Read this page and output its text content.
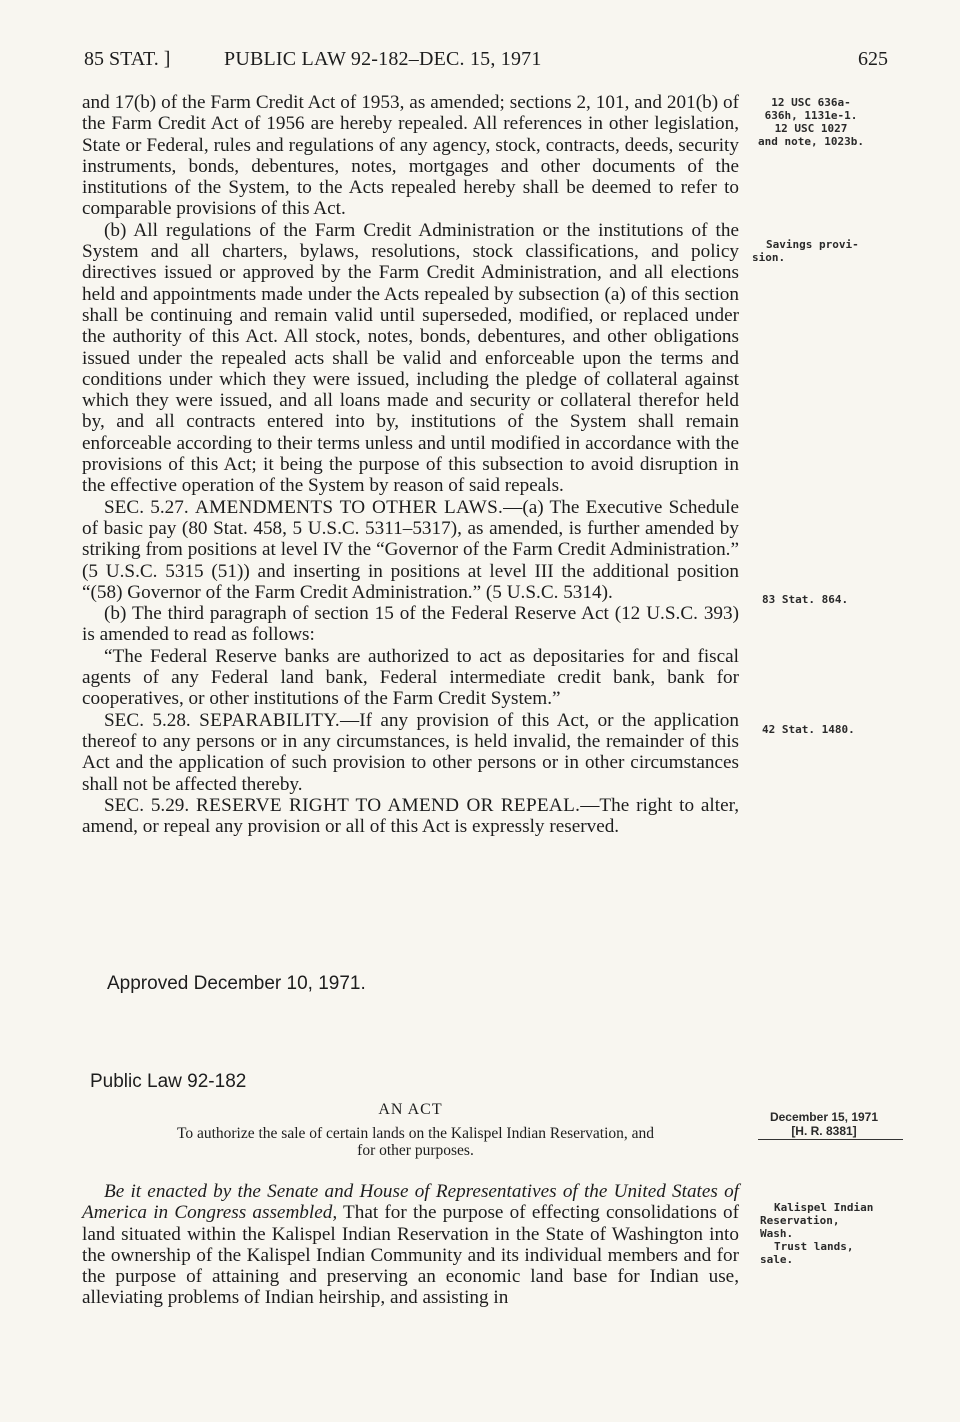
85 STAT. ]	PUBLIC LAW 92-182–DEC. 15, 1971	625

and 17(b) of the Farm Credit Act of 1953, as amended; sections 2, 101, and 201(b) of the Farm Credit Act of 1956 are hereby repealed. All references in other legislation, State or Federal, rules and regulations of any agency, stock, contracts, deeds, security instruments, bonds, debentures, notes, mortgages and other documents of the institutions of the System, to the Acts repealed hereby shall be deemed to refer to comparable provisions of this Act.

(b) All regulations of the Farm Credit Administration or the institutions of the System and all charters, bylaws, resolutions, stock classifications, and policy directives issued or approved by the Farm Credit Administration, and all elections held and appointments made under the Acts repealed by subsection (a) of this section shall be continuing and remain valid until superseded, modified, or replaced under the authority of this Act. All stock, notes, bonds, debentures, and other obligations issued under the repealed acts shall be valid and enforceable upon the terms and conditions under which they were issued, including the pledge of collateral against which they were issued, and all loans made and security or collateral therefor held by, and all contracts entered into by, institutions of the System shall remain enforceable according to their terms unless and until modified in accordance with the provisions of this Act; it being the purpose of this subsection to avoid disruption in the effective operation of the System by reason of said repeals.

SEC. 5.27. AMENDMENTS TO OTHER LAWS.—(a) The Executive Schedule of basic pay (80 Stat. 458, 5 U.S.C. 5311–5317), as amended, is further amended by striking from positions at level IV the “Governor of the Farm Credit Administration.” (5 U.S.C. 5315 (51)) and inserting in positions at level III the additional position “(58) Governor of the Farm Credit Administration.” (5 U.S.C. 5314).

(b) The third paragraph of section 15 of the Federal Reserve Act (12 U.S.C. 393) is amended to read as follows:

“The Federal Reserve banks are authorized to act as depositaries for and fiscal agents of any Federal land bank, Federal intermediate credit bank, bank for cooperatives, or other institutions of the Farm Credit System.”

SEC. 5.28. SEPARABILITY.—If any provision of this Act, or the application thereof to any persons or in any circumstances, is held invalid, the remainder of this Act and the application of such provision to other persons or in other circumstances shall not be affected thereby.

SEC. 5.29. RESERVE RIGHT TO AMEND OR REPEAL.—The right to alter, amend, or repeal any provision or all of this Act is expressly reserved.

Approved December 10, 1971.
Public Law 92-182
AN ACT
To authorize the sale of certain lands on the Kalispel Indian Reservation, and
for other purposes.

Be it enacted by the Senate and House of Representatives of the United States of America in Congress assembled, That for the purpose of effecting consolidations of land situated within the Kalispel Indian Reservation in the State of Washington into the ownership of the Kalispel Indian Community and its individual members and for the purpose of attaining and preserving an economic land base for Indian use, alleviating problems of Indian heirship, and assisting in

12 USC 636a-
636h, 1131e-1.
12 USC 1027
and note, 1023b.
Savings provi-
sion.
83 Stat. 864.
42 Stat. 1480.
December 15, 1971
[H. R. 8381]
Kalispel Indian
Reservation,
Wash.
Trust lands,
sale.
